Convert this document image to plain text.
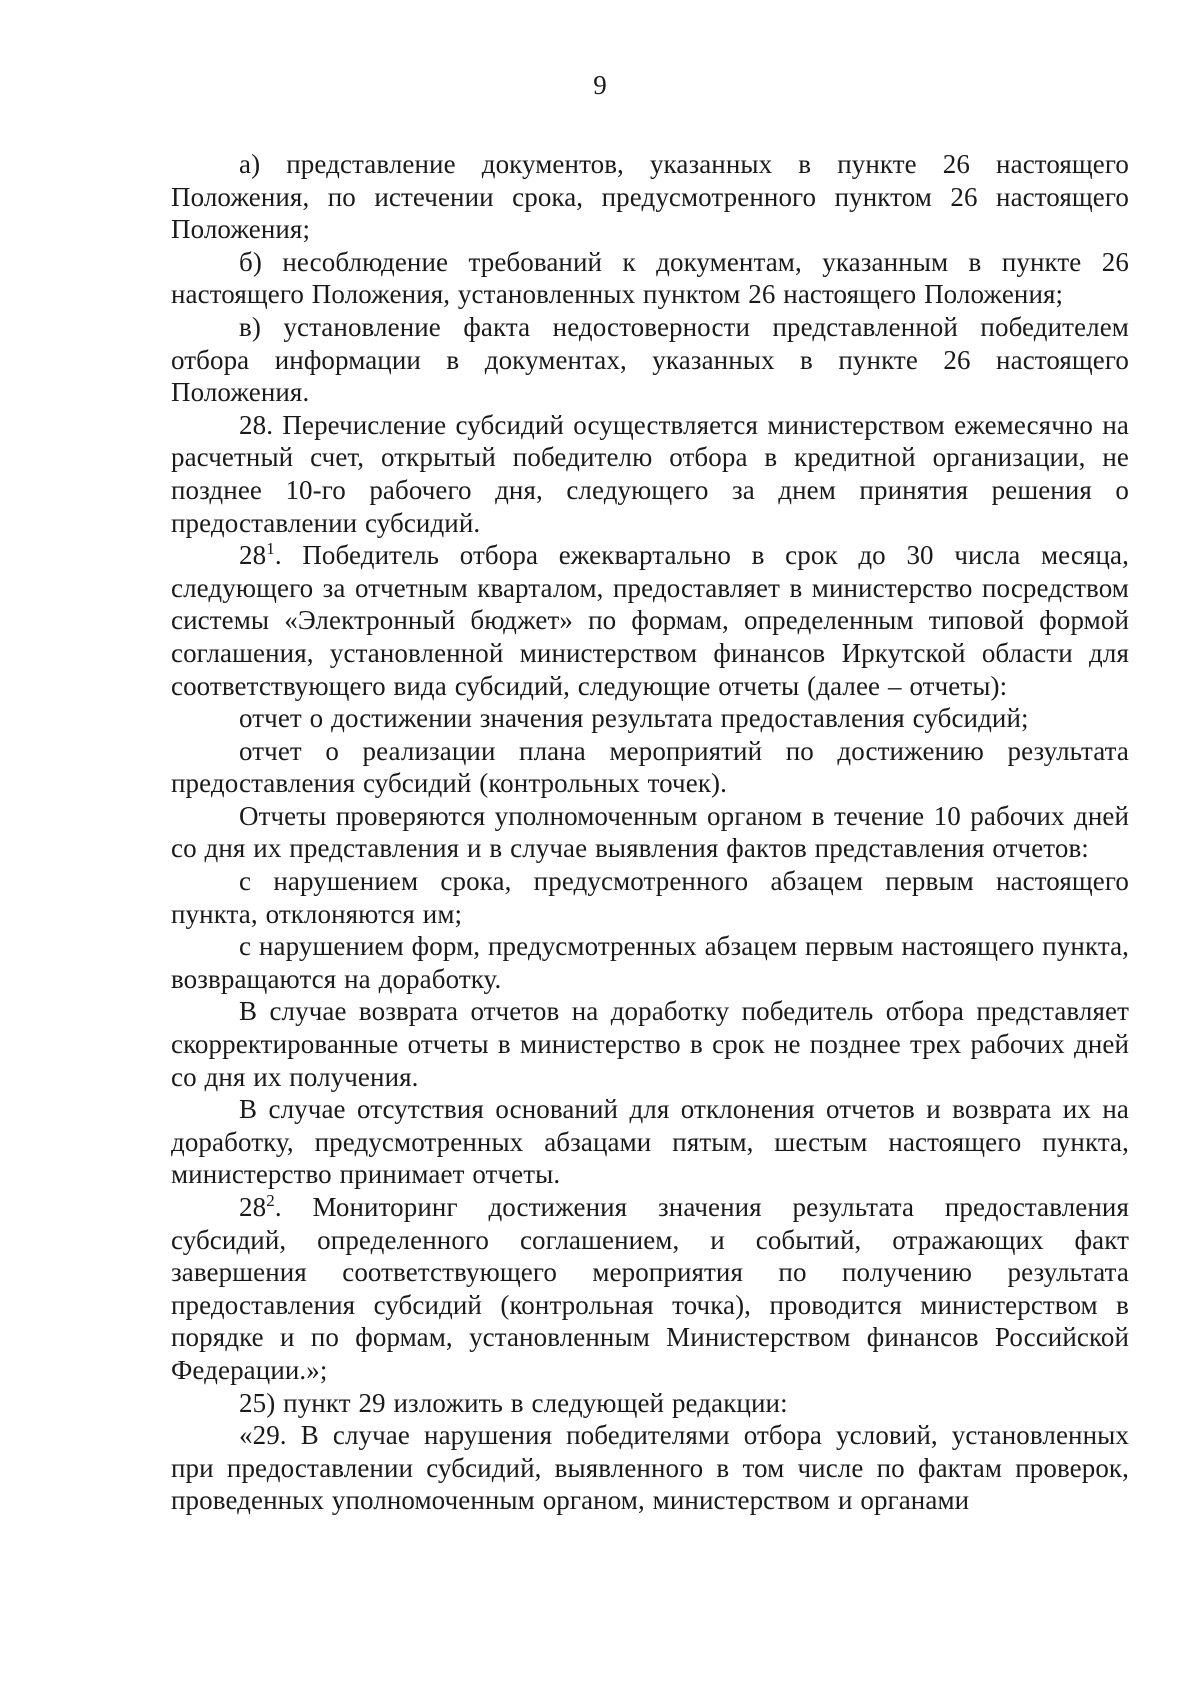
9

а) представление документов, указанных в пункте 26 настоящего Положения, по истечении срока, предусмотренного пунктом 26 настоящего Положения;

б) несоблюдение требований к документам, указанным в пункте 26 настоящего Положения, установленных пунктом 26 настоящего Положения;

в) установление факта недостоверности представленной победителем отбора информации в документах, указанных в пункте 26 настоящего Положения.

28. Перечисление субсидий осуществляется министерством ежемесячно на расчетный счет, открытый победителю отбора в кредитной организации, не позднее 10-го рабочего дня, следующего за днем принятия решения о предоставлении субсидий.

$28^1$. Победитель отбора ежеквартально в срок до 30 числа месяца, следующего за отчетным кварталом, предоставляет в министерство посредством системы «Электронный бюджет» по формам, определенным типовой формой соглашения, установленной министерством финансов Иркутской области для соответствующего вида субсидий, следующие отчеты (далее – отчеты):

отчет о достижении значения результата предоставления субсидий;

отчет о реализации плана мероприятий по достижению результата предоставления субсидий (контрольных точек).

Отчеты проверяются уполномоченным органом в течение 10 рабочих дней со дня их представления и в случае выявления фактов представления отчетов:

с нарушением срока, предусмотренного абзацем первым настоящего пункта, отклоняются им;

с нарушением форм, предусмотренных абзацем первым настоящего пункта, возвращаются на доработку.

В случае возврата отчетов на доработку победитель отбора представляет скорректированные отчеты в министерство в срок не позднее трех рабочих дней со дня их получения.

В случае отсутствия оснований для отклонения отчетов и возврата их на доработку, предусмотренных абзацами пятым, шестым настоящего пункта, министерство принимает отчеты.

$28^2$. Мониторинг достижения значения результата предоставления субсидий, определенного соглашением, и событий, отражающих факт завершения соответствующего мероприятия по получению результата предоставления субсидий (контрольная точка), проводится министерством в порядке и по формам, установленным Министерством финансов Российской Федерации.»;

25) пункт 29 изложить в следующей редакции:

«29. В случае нарушения победителями отбора условий, установленных при предоставлении субсидий, выявленного в том числе по фактам проверок, проведенных уполномоченным органом, министерством и органами
